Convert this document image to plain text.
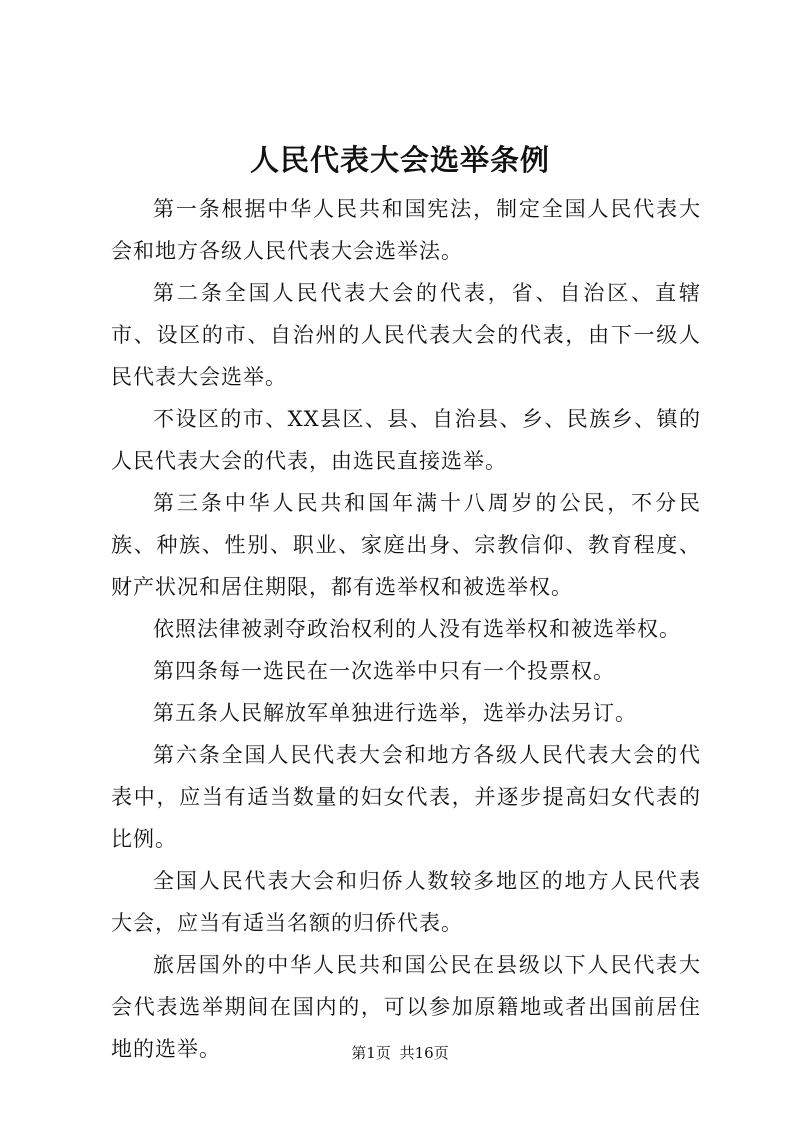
人民代表大会选举条例

第一条根据中华人民共和国宪法，制定全国人民代表大会和地方各级人民代表大会选举法。

第二条全国人民代表大会的代表，省、自治区、直辖市、设区的市、自治州的人民代表大会的代表，由下一级人民代表大会选举。

不设区的市、XX县区、县、自治县、乡、民族乡、镇的人民代表大会的代表，由选民直接选举。

第三条中华人民共和国年满十八周岁的公民，不分民族、种族、性别、职业、家庭出身、宗教信仰、教育程度、财产状况和居住期限，都有选举权和被选举权。

依照法律被剥夺政治权利的人没有选举权和被选举权。

第四条每一选民在一次选举中只有一个投票权。

第五条人民解放军单独进行选举，选举办法另订。

第六条全国人民代表大会和地方各级人民代表大会的代表中，应当有适当数量的妇女代表，并逐步提高妇女代表的比例。

全国人民代表大会和归侨人数较多地区的地方人民代表大会，应当有适当名额的归侨代表。

旅居国外的中华人民共和国公民在县级以下人民代表大会代表选举期间在国内的，可以参加原籍地或者出国前居住地的选举。	第1页 共16页
